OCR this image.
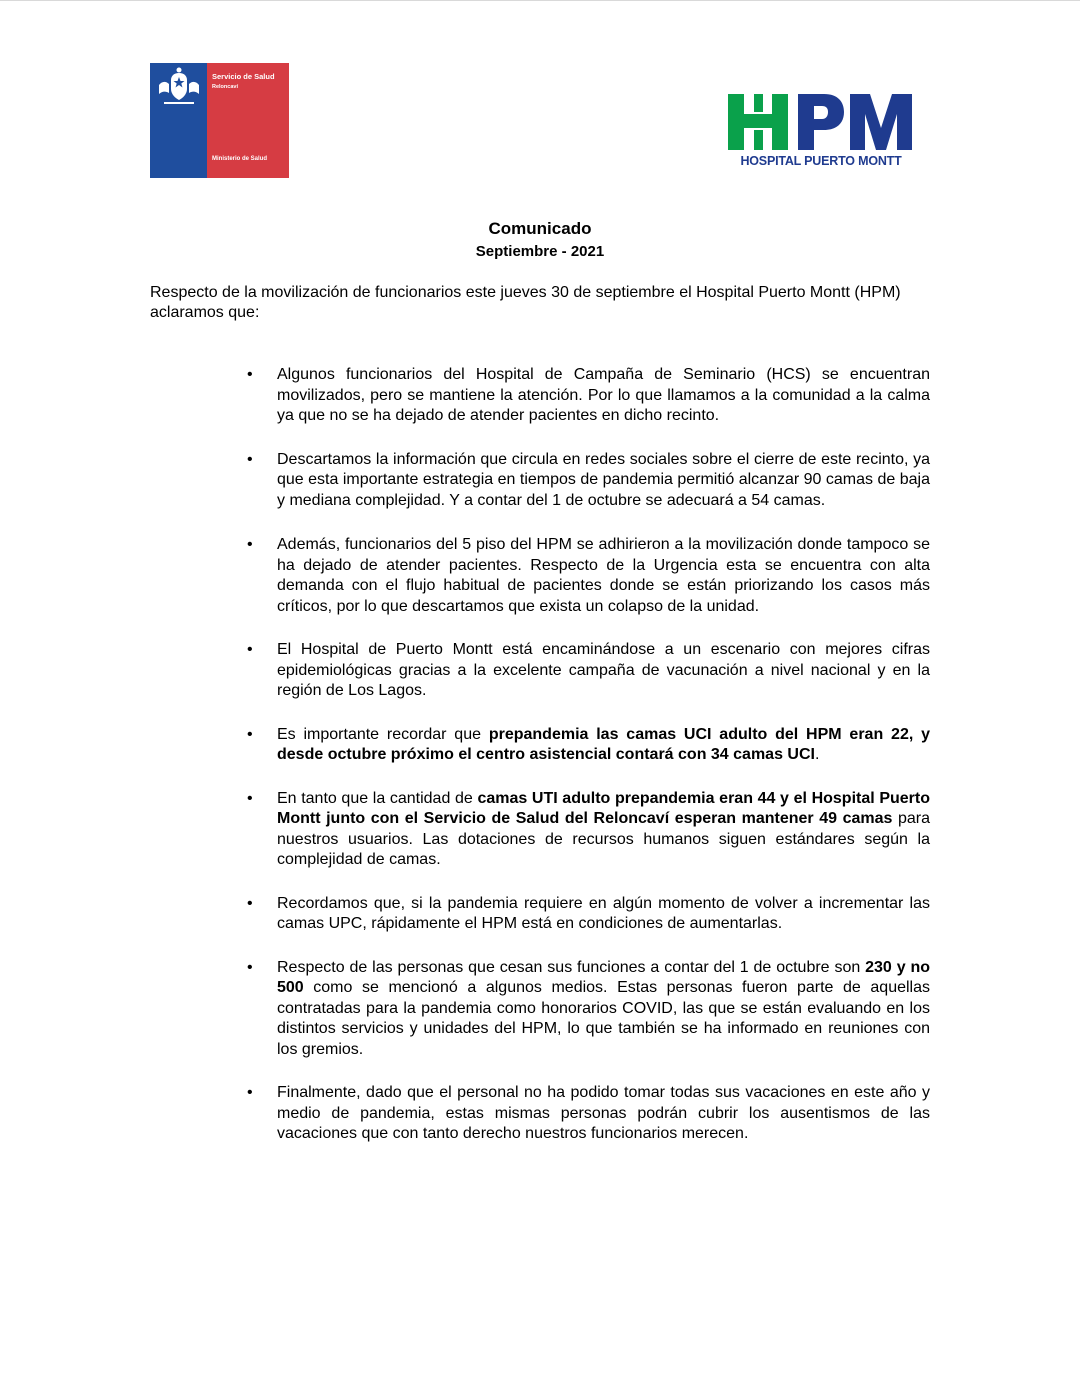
Servicio de Salud
Reloncaví
Ministerio de Salud	HOSPITAL PUERTO MONTT
Comunicado
Septiembre - 2021

Respecto de la movilización de funcionarios este jueves 30 de septiembre el Hospital Puerto Montt (HPM) aclaramos que:

• Algunos funcionarios del Hospital de Campaña de Seminario (HCS) se encuentran movilizados, pero se mantiene la atención. Por lo que llamamos a la comunidad a la calma ya que no se ha dejado de atender pacientes en dicho recinto.
• Descartamos la información que circula en redes sociales sobre el cierre de este recinto, ya que esta importante estrategia en tiempos de pandemia permitió alcanzar 90 camas de baja y mediana complejidad. Y a contar del 1 de octubre se adecuará a 54 camas.
• Además, funcionarios del 5 piso del HPM se adhirieron a la movilización donde tampoco se ha dejado de atender pacientes. Respecto de la Urgencia esta se encuentra con alta demanda con el flujo habitual de pacientes donde se están priorizando los casos más críticos, por lo que descartamos que exista un colapso de la unidad.
• El Hospital de Puerto Montt está encaminándose a un escenario con mejores cifras epidemiológicas gracias a la excelente campaña de vacunación a nivel nacional y en la región de Los Lagos.
• Es importante recordar que prepandemia las camas UCI adulto del HPM eran 22, y desde octubre próximo el centro asistencial contará con 34 camas UCI.
• En tanto que la cantidad de camas UTI adulto prepandemia eran 44 y el Hospital Puerto Montt junto con el Servicio de Salud del Reloncaví esperan mantener 49 camas para nuestros usuarios. Las dotaciones de recursos humanos siguen estándares según la complejidad de camas.
• Recordamos que, si la pandemia requiere en algún momento de volver a incrementar las camas UPC, rápidamente el HPM está en condiciones de aumentarlas.
• Respecto de las personas que cesan sus funciones a contar del 1 de octubre son 230 y no 500 como se mencionó a algunos medios. Estas personas fueron parte de aquellas contratadas para la pandemia como honorarios COVID, las que se están evaluando en los distintos servicios y unidades del HPM, lo que también se ha informado en reuniones con los gremios.
• Finalmente, dado que el personal no ha podido tomar todas sus vacaciones en este año y medio de pandemia, estas mismas personas podrán cubrir los ausentismos de las vacaciones que con tanto derecho nuestros funcionarios merecen.
